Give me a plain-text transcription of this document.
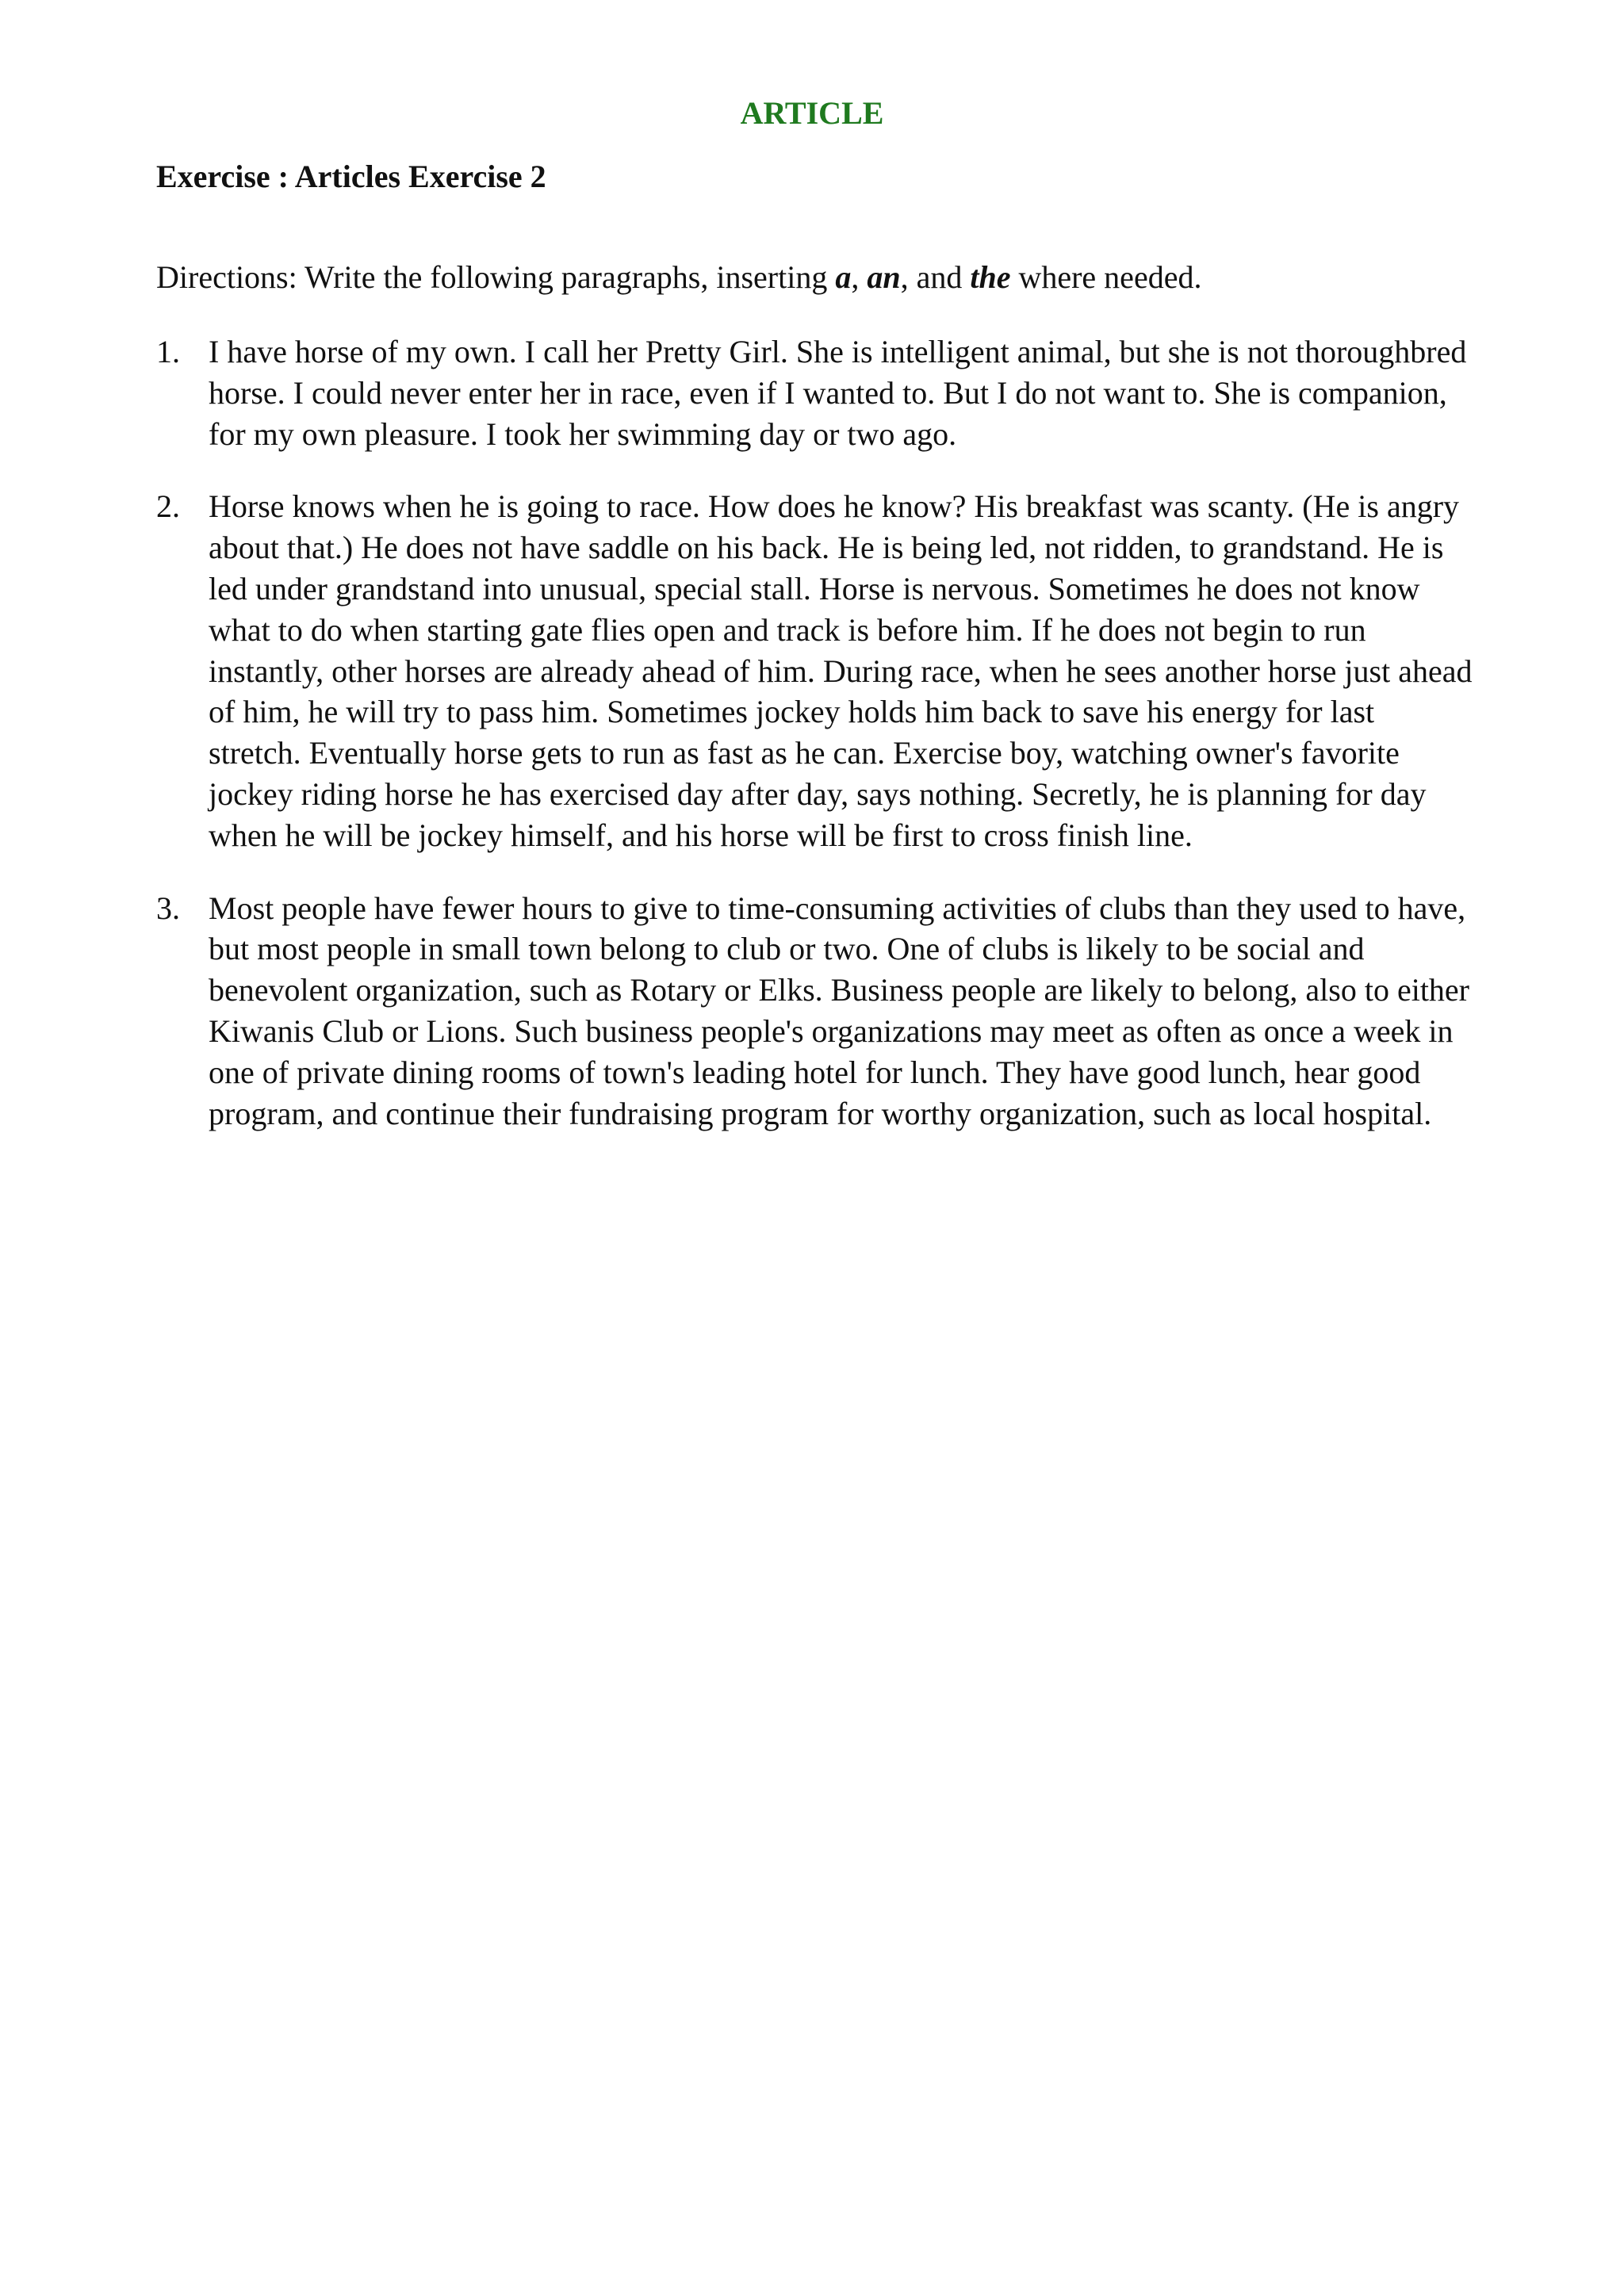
ARTICLE
Exercise : Articles Exercise 2
Directions: Write the following paragraphs, inserting a, an, and the where needed.
1. I have horse of my own. I call her Pretty Girl. She is intelligent animal, but she is not thoroughbred horse. I could never enter her in race, even if I wanted to. But I do not want to. She is companion, for my own pleasure. I took her swimming day or two ago.
2. Horse knows when he is going to race. How does he know? His breakfast was scanty. (He is angry about that.) He does not have saddle on his back. He is being led, not ridden, to grandstand. He is led under grandstand into unusual, special stall. Horse is nervous. Sometimes he does not know what to do when starting gate flies open and track is before him. If he does not begin to run instantly, other horses are already ahead of him. During race, when he sees another horse just ahead of him, he will try to pass him. Sometimes jockey holds him back to save his energy for last stretch. Eventually horse gets to run as fast as he can. Exercise boy, watching owner's favorite jockey riding horse he has exercised day after day, says nothing. Secretly, he is planning for day when he will be jockey himself, and his horse will be first to cross finish line.
3. Most people have fewer hours to give to time-consuming activities of clubs than they used to have, but most people in small town belong to club or two. One of clubs is likely to be social and benevolent organization, such as Rotary or Elks. Business people are likely to belong, also to either Kiwanis Club or Lions. Such business people's organizations may meet as often as once a week in one of private dining rooms of town's leading hotel for lunch. They have good lunch, hear good program, and continue their fundraising program for worthy organization, such as local hospital.
